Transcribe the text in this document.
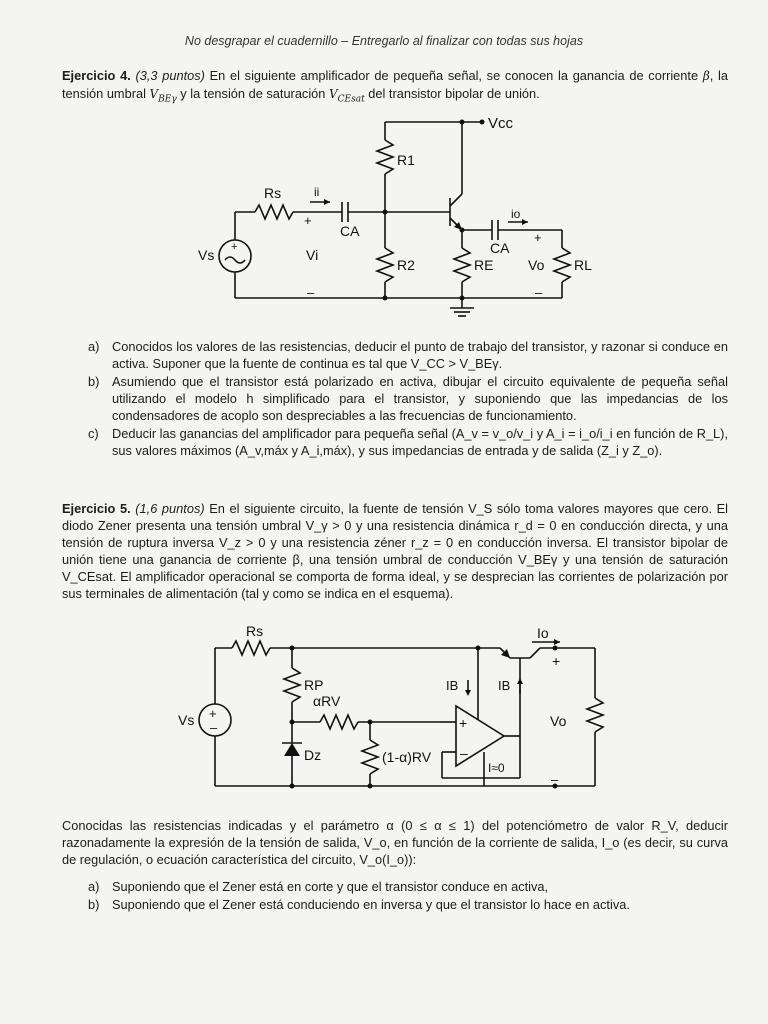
No desgrapar el cuadernillo – Entregarlo al finalizar con todas sus hojas
Ejercicio 4. (3,3 puntos) En el siguiente amplificador de pequeña señal, se conocen la ganancia de corriente β, la tensión umbral $V_{BE\gamma}$ y la tensión de saturación $V_{CEsat}$ del transistor bipolar de unión.
Vcc
R1
Rs	ii
+
CA
R2
+
Vs	Vi
–
RE
CA
io
+
Vo
–
RL
a) Conocidos los valores de las resistencias, deducir el punto de trabajo del transistor, y razonar si conduce en activa. Suponer que la fuente de continua es tal que V_CC > V_BEγ.
b) Asumiendo que el transistor está polarizado en activa, dibujar el circuito equivalente de pequeña señal utilizando el modelo h simplificado para el transistor, y suponiendo que las impedancias de los condensadores de acoplo son despreciables a las frecuencias de funcionamiento.
c) Deducir las ganancias del amplificador para pequeña señal (A_v = v_o/v_i y A_i = i_o/i_i en función de R_L), sus valores máximos (A_v,máx y A_i,máx), y sus impedancias de entrada y de salida (Z_i y Z_o).
Ejercicio 5. (1,6 puntos) En el siguiente circuito, la fuente de tensión V_S sólo toma valores mayores que cero. El diodo Zener presenta una tensión umbral V_γ > 0 y una resistencia dinámica r_d = 0 en conducción directa, y una tensión de ruptura inversa V_z > 0 y una resistencia zéner r_z = 0 en conducción inversa. El transistor bipolar de unión tiene una ganancia de corriente β, una tensión umbral de conducción V_BEγ y una tensión de saturación V_CEsat. El amplificador operacional se comporta de forma ideal, y se desprecian las corrientes de polarización por sus terminales de alimentación (tal y como se indica en el esquema).
Rs	Io
+
+
–
Vs
RP
αRV
Dz	(1-α)RV
+
–
IB	IB
I≈0
Vo
–
Conocidas las resistencias indicadas y el parámetro α (0 ≤ α ≤ 1) del potenciómetro de valor R_V, deducir razonadamente la expresión de la tensión de salida, V_o, en función de la corriente de salida, I_o (es decir, su curva de regulación, o ecuación característica del circuito, V_o(I_o)):
a) Suponiendo que el Zener está en corte y que el transistor conduce en activa,
b) Suponiendo que el Zener está conduciendo en inversa y que el transistor lo hace en activa.
